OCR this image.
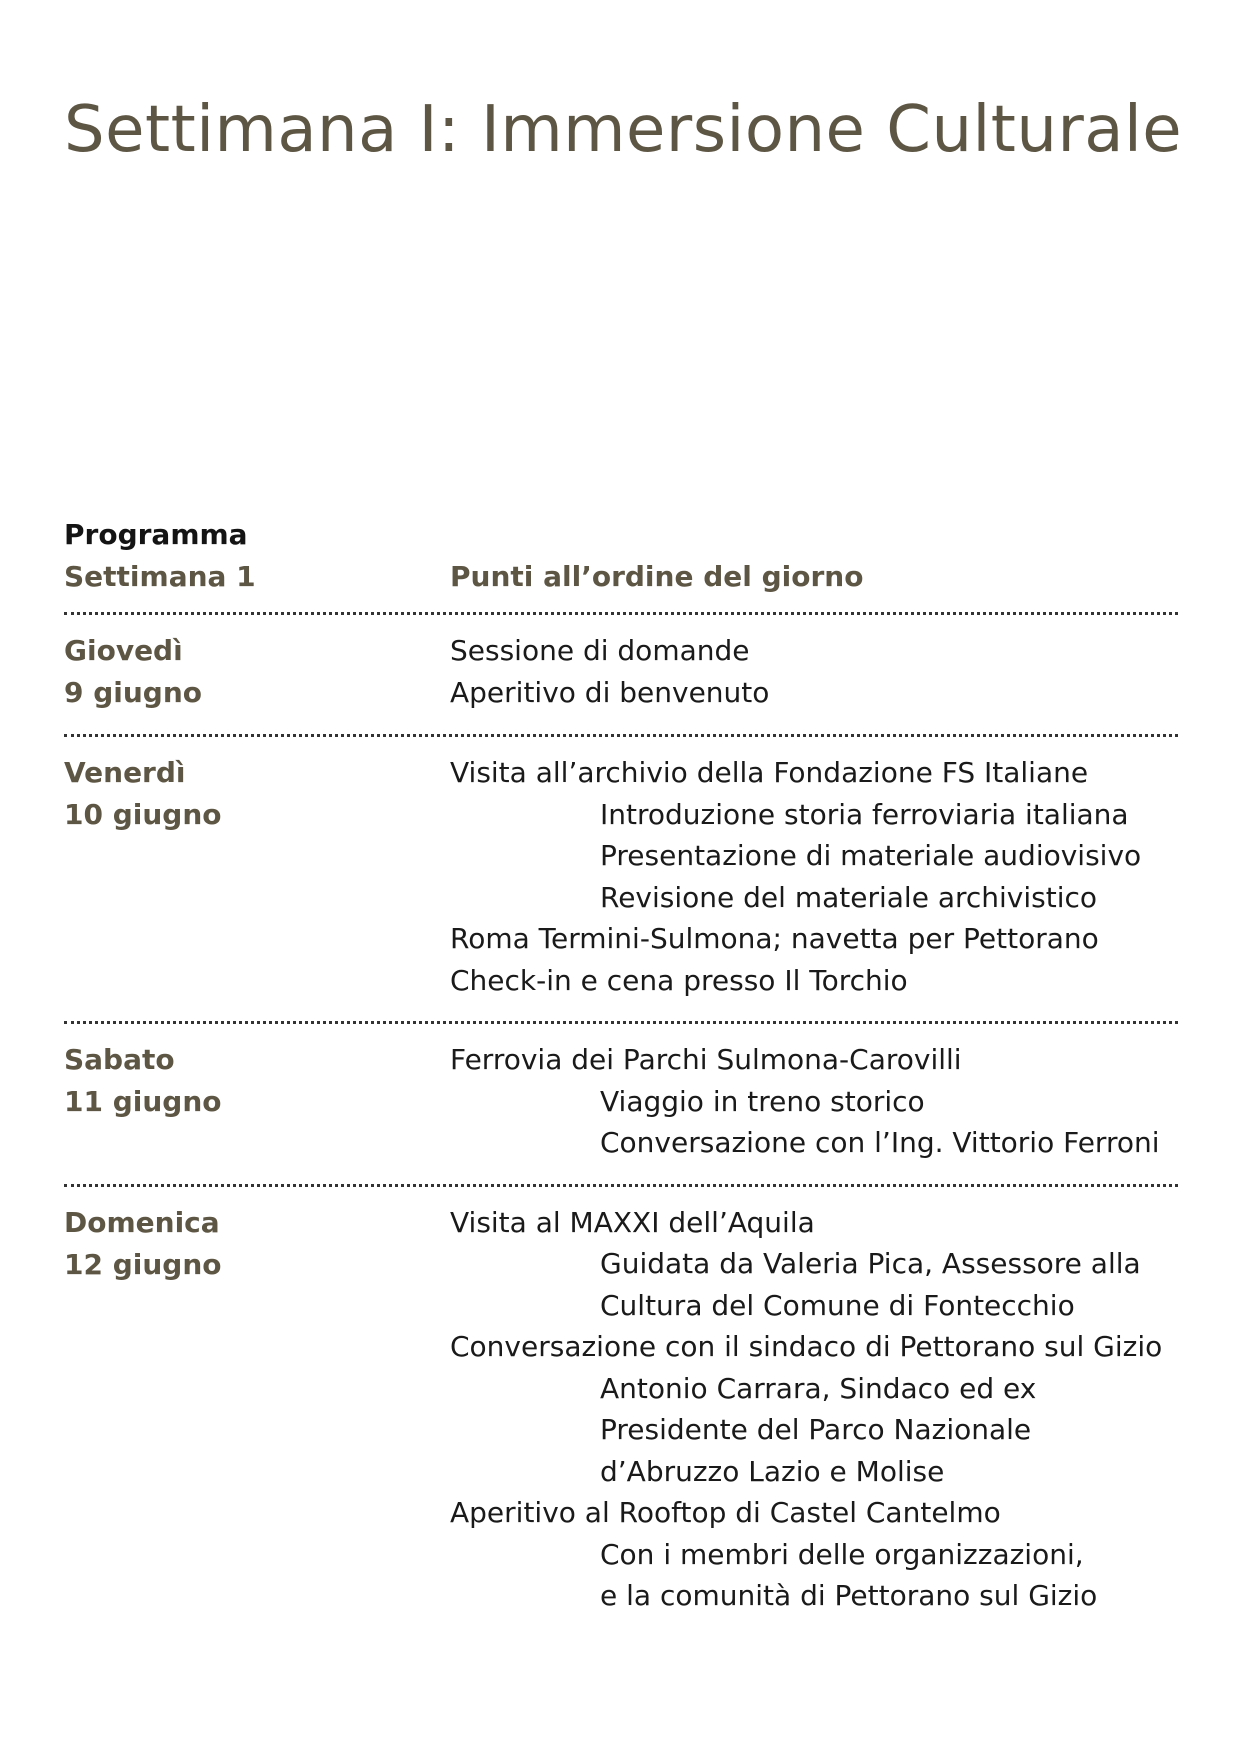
Settimana I: Immersione Culturale
Programma
Settimana 1	Punti all’ordine del giorno
Giovedì
9 giugno
Sessione di domande
Aperitivo di benvenuto
Venerdì
10 giugno
Visita all’archivio della Fondazione FS Italiane
Introduzione storia ferroviaria italiana
Presentazione di materiale audiovisivo
Revisione del materiale archivistico
Roma Termini-Sulmona; navetta per Pettorano
Check-in e cena presso Il Torchio
Sabato
11 giugno
Ferrovia dei Parchi Sulmona-Carovilli
Viaggio in treno storico
Conversazione con l’Ing. Vittorio Ferroni
Domenica
12 giugno
Visita al MAXXI dell’Aquila
Guidata da Valeria Pica, Assessore alla
Cultura del Comune di Fontecchio
Conversazione con il sindaco di Pettorano sul Gizio
Antonio Carrara, Sindaco ed ex
Presidente del Parco Nazionale
d’Abruzzo Lazio e Molise
Aperitivo al Rooftop di Castel Cantelmo
Con i membri delle organizzazioni,
e la comunità di Pettorano sul Gizio
